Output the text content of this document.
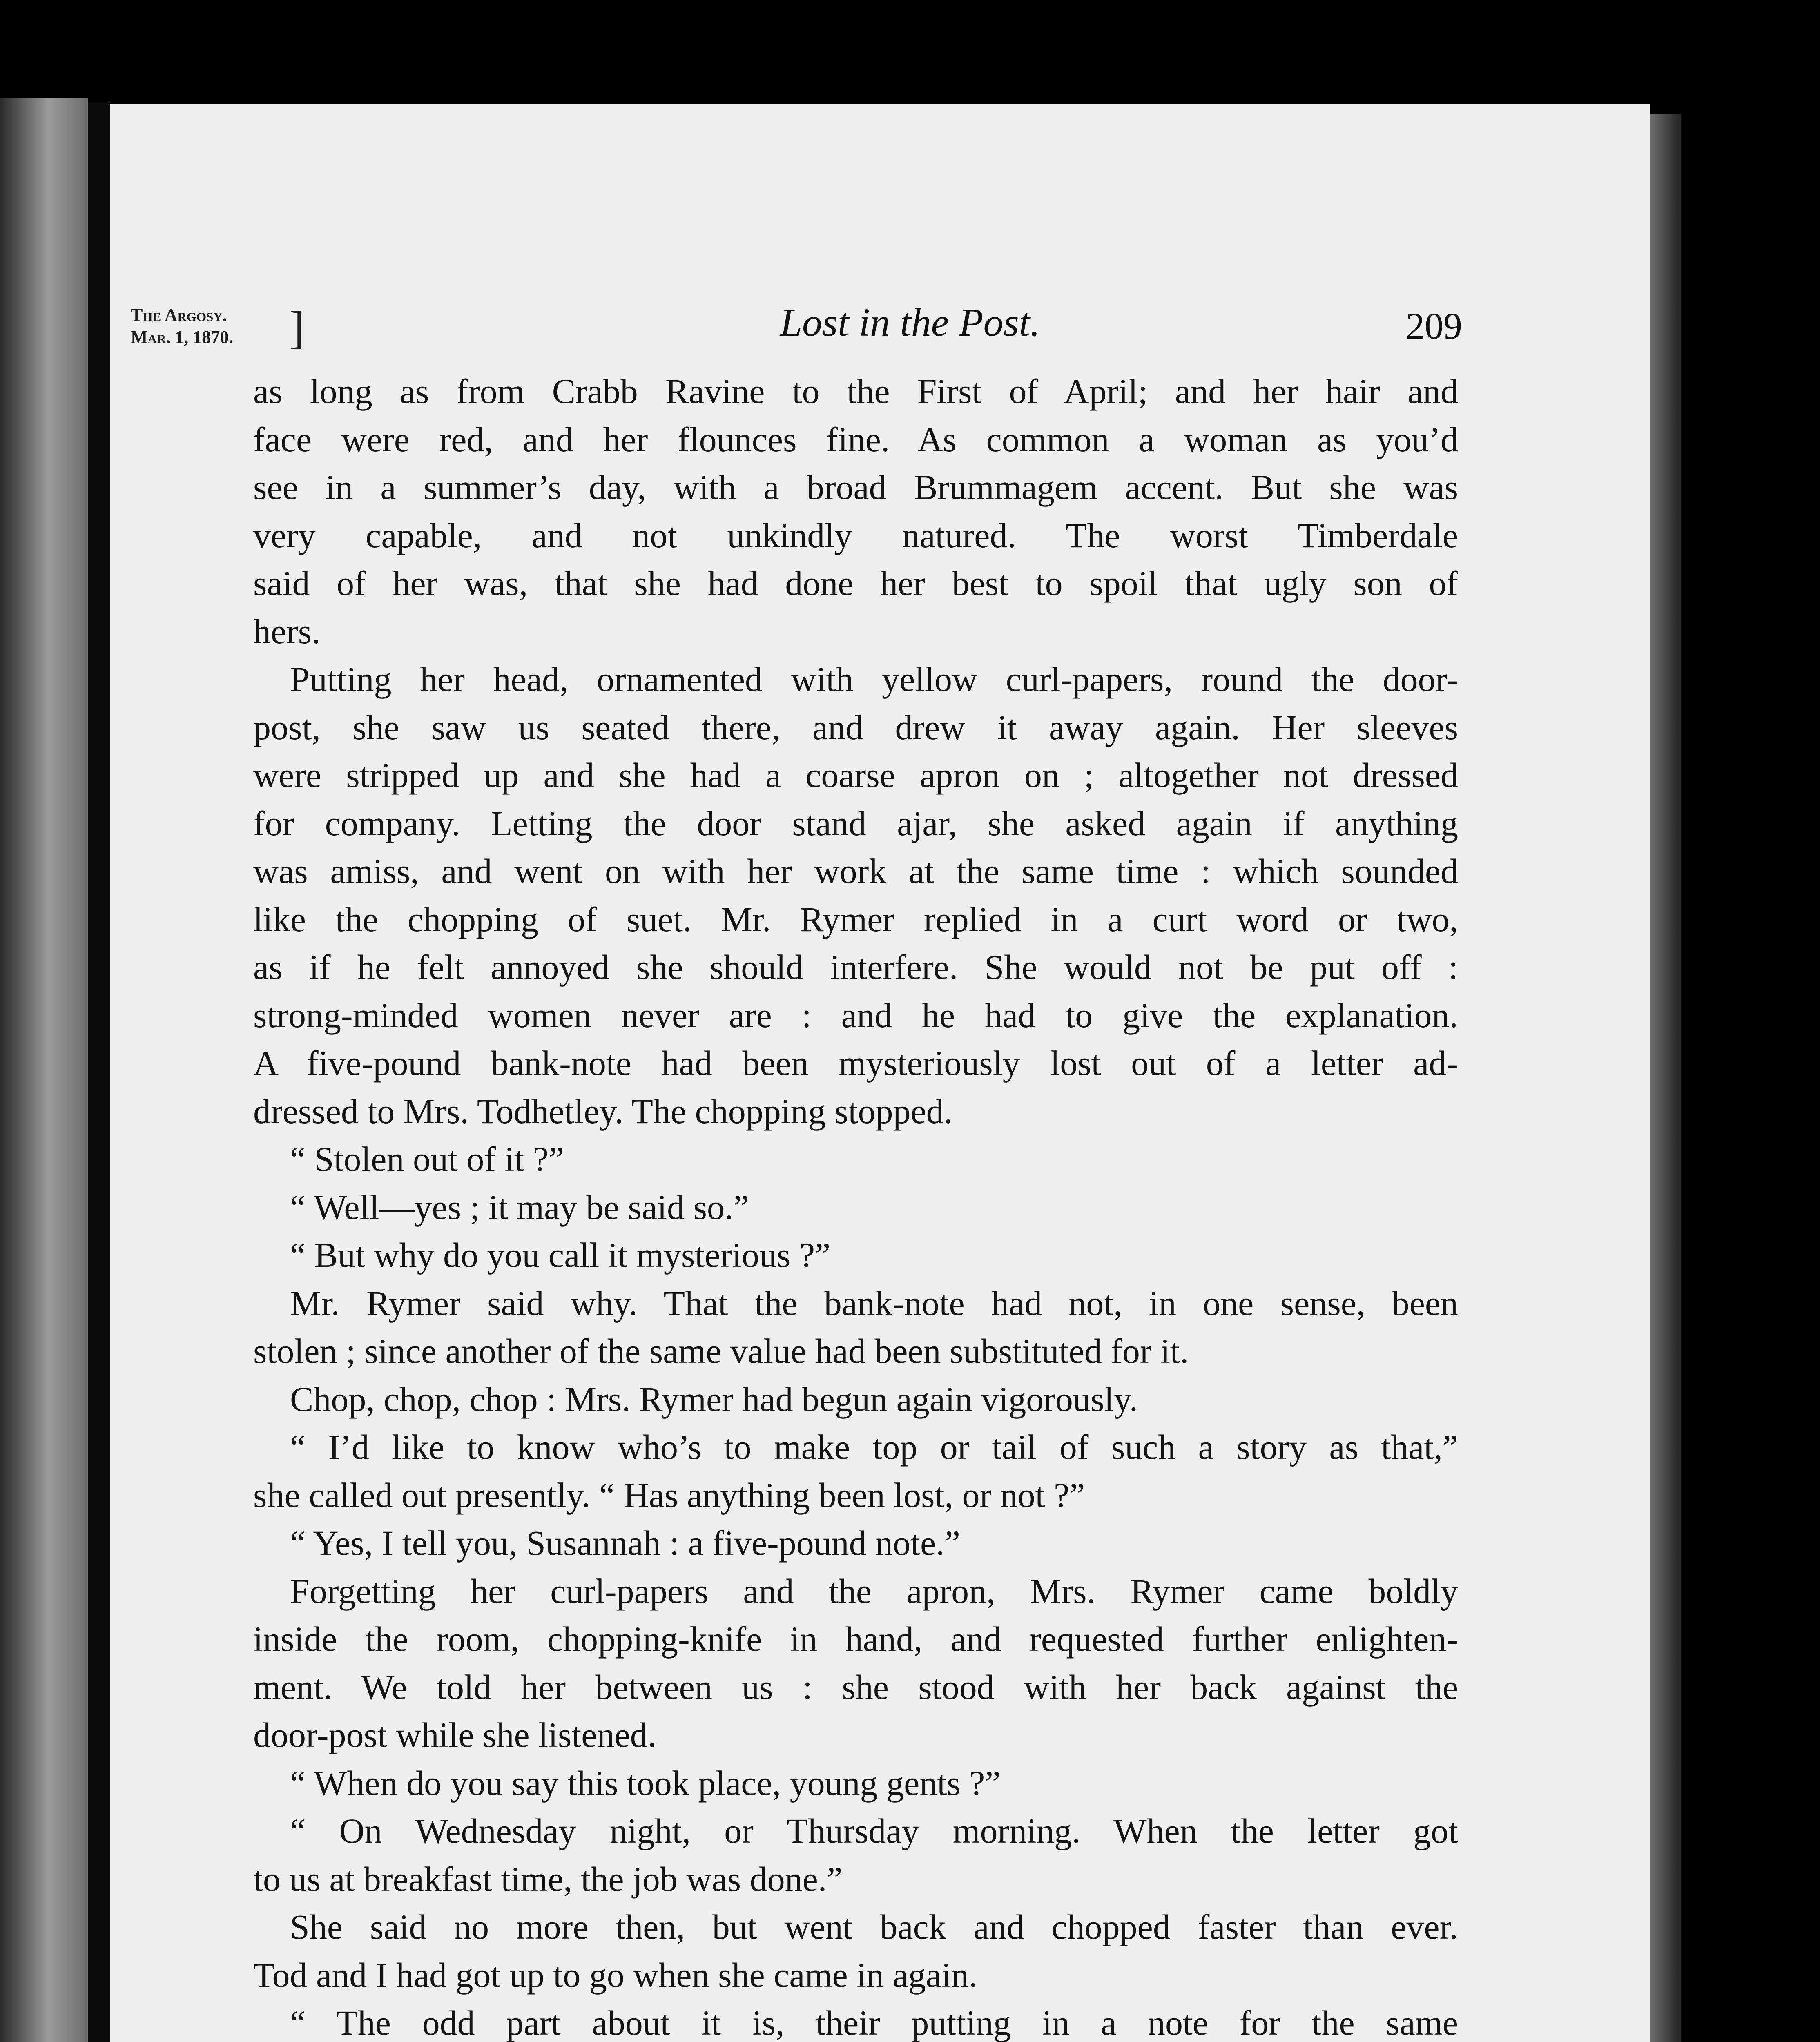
The Argosy.
Mar. 1, 1870. ]	Lost in the Post.	209
as long as from Crabb Ravine to the First of April; and her hair and
face were red, and her flounces fine. As common a woman as you’d
see in a summer’s day, with a broad Brummagem accent. But she was
very capable, and not unkindly natured. The worst Timberdale
said of her was, that she had done her best to spoil that ugly son of
hers.
Putting her head, ornamented with yellow curl-papers, round the door-
post, she saw us seated there, and drew it away again. Her sleeves
were stripped up and she had a coarse apron on ; altogether not dressed
for company. Letting the door stand ajar, she asked again if anything
was amiss, and went on with her work at the same time : which sounded
like the chopping of suet. Mr. Rymer replied in a curt word or two,
as if he felt annoyed she should interfere. She would not be put off :
strong-minded women never are : and he had to give the explanation.
A five-pound bank-note had been mysteriously lost out of a letter ad-
dressed to Mrs. Todhetley. The chopping stopped.
“ Stolen out of it ?”
“ Well—yes ; it may be said so.”
“ But why do you call it mysterious ?”
Mr. Rymer said why. That the bank-note had not, in one sense, been
stolen ; since another of the same value had been substituted for it.
Chop, chop, chop : Mrs. Rymer had begun again vigorously.
“ I’d like to know who’s to make top or tail of such a story as that,”
she called out presently. “ Has anything been lost, or not ?”
“ Yes, I tell you, Susannah : a five-pound note.”
Forgetting her curl-papers and the apron, Mrs. Rymer came boldly
inside the room, chopping-knife in hand, and requested further enlighten-
ment. We told her between us : she stood with her back against the
door-post while she listened.
“ When do you say this took place, young gents ?”
“ On Wednesday night, or Thursday morning. When the letter got
to us at breakfast time, the job was done.”
She said no more then, but went back and chopped faster than ever.
Tod and I had got up to go when she came in again.
“ The odd part about it is, their putting in a note for the same
